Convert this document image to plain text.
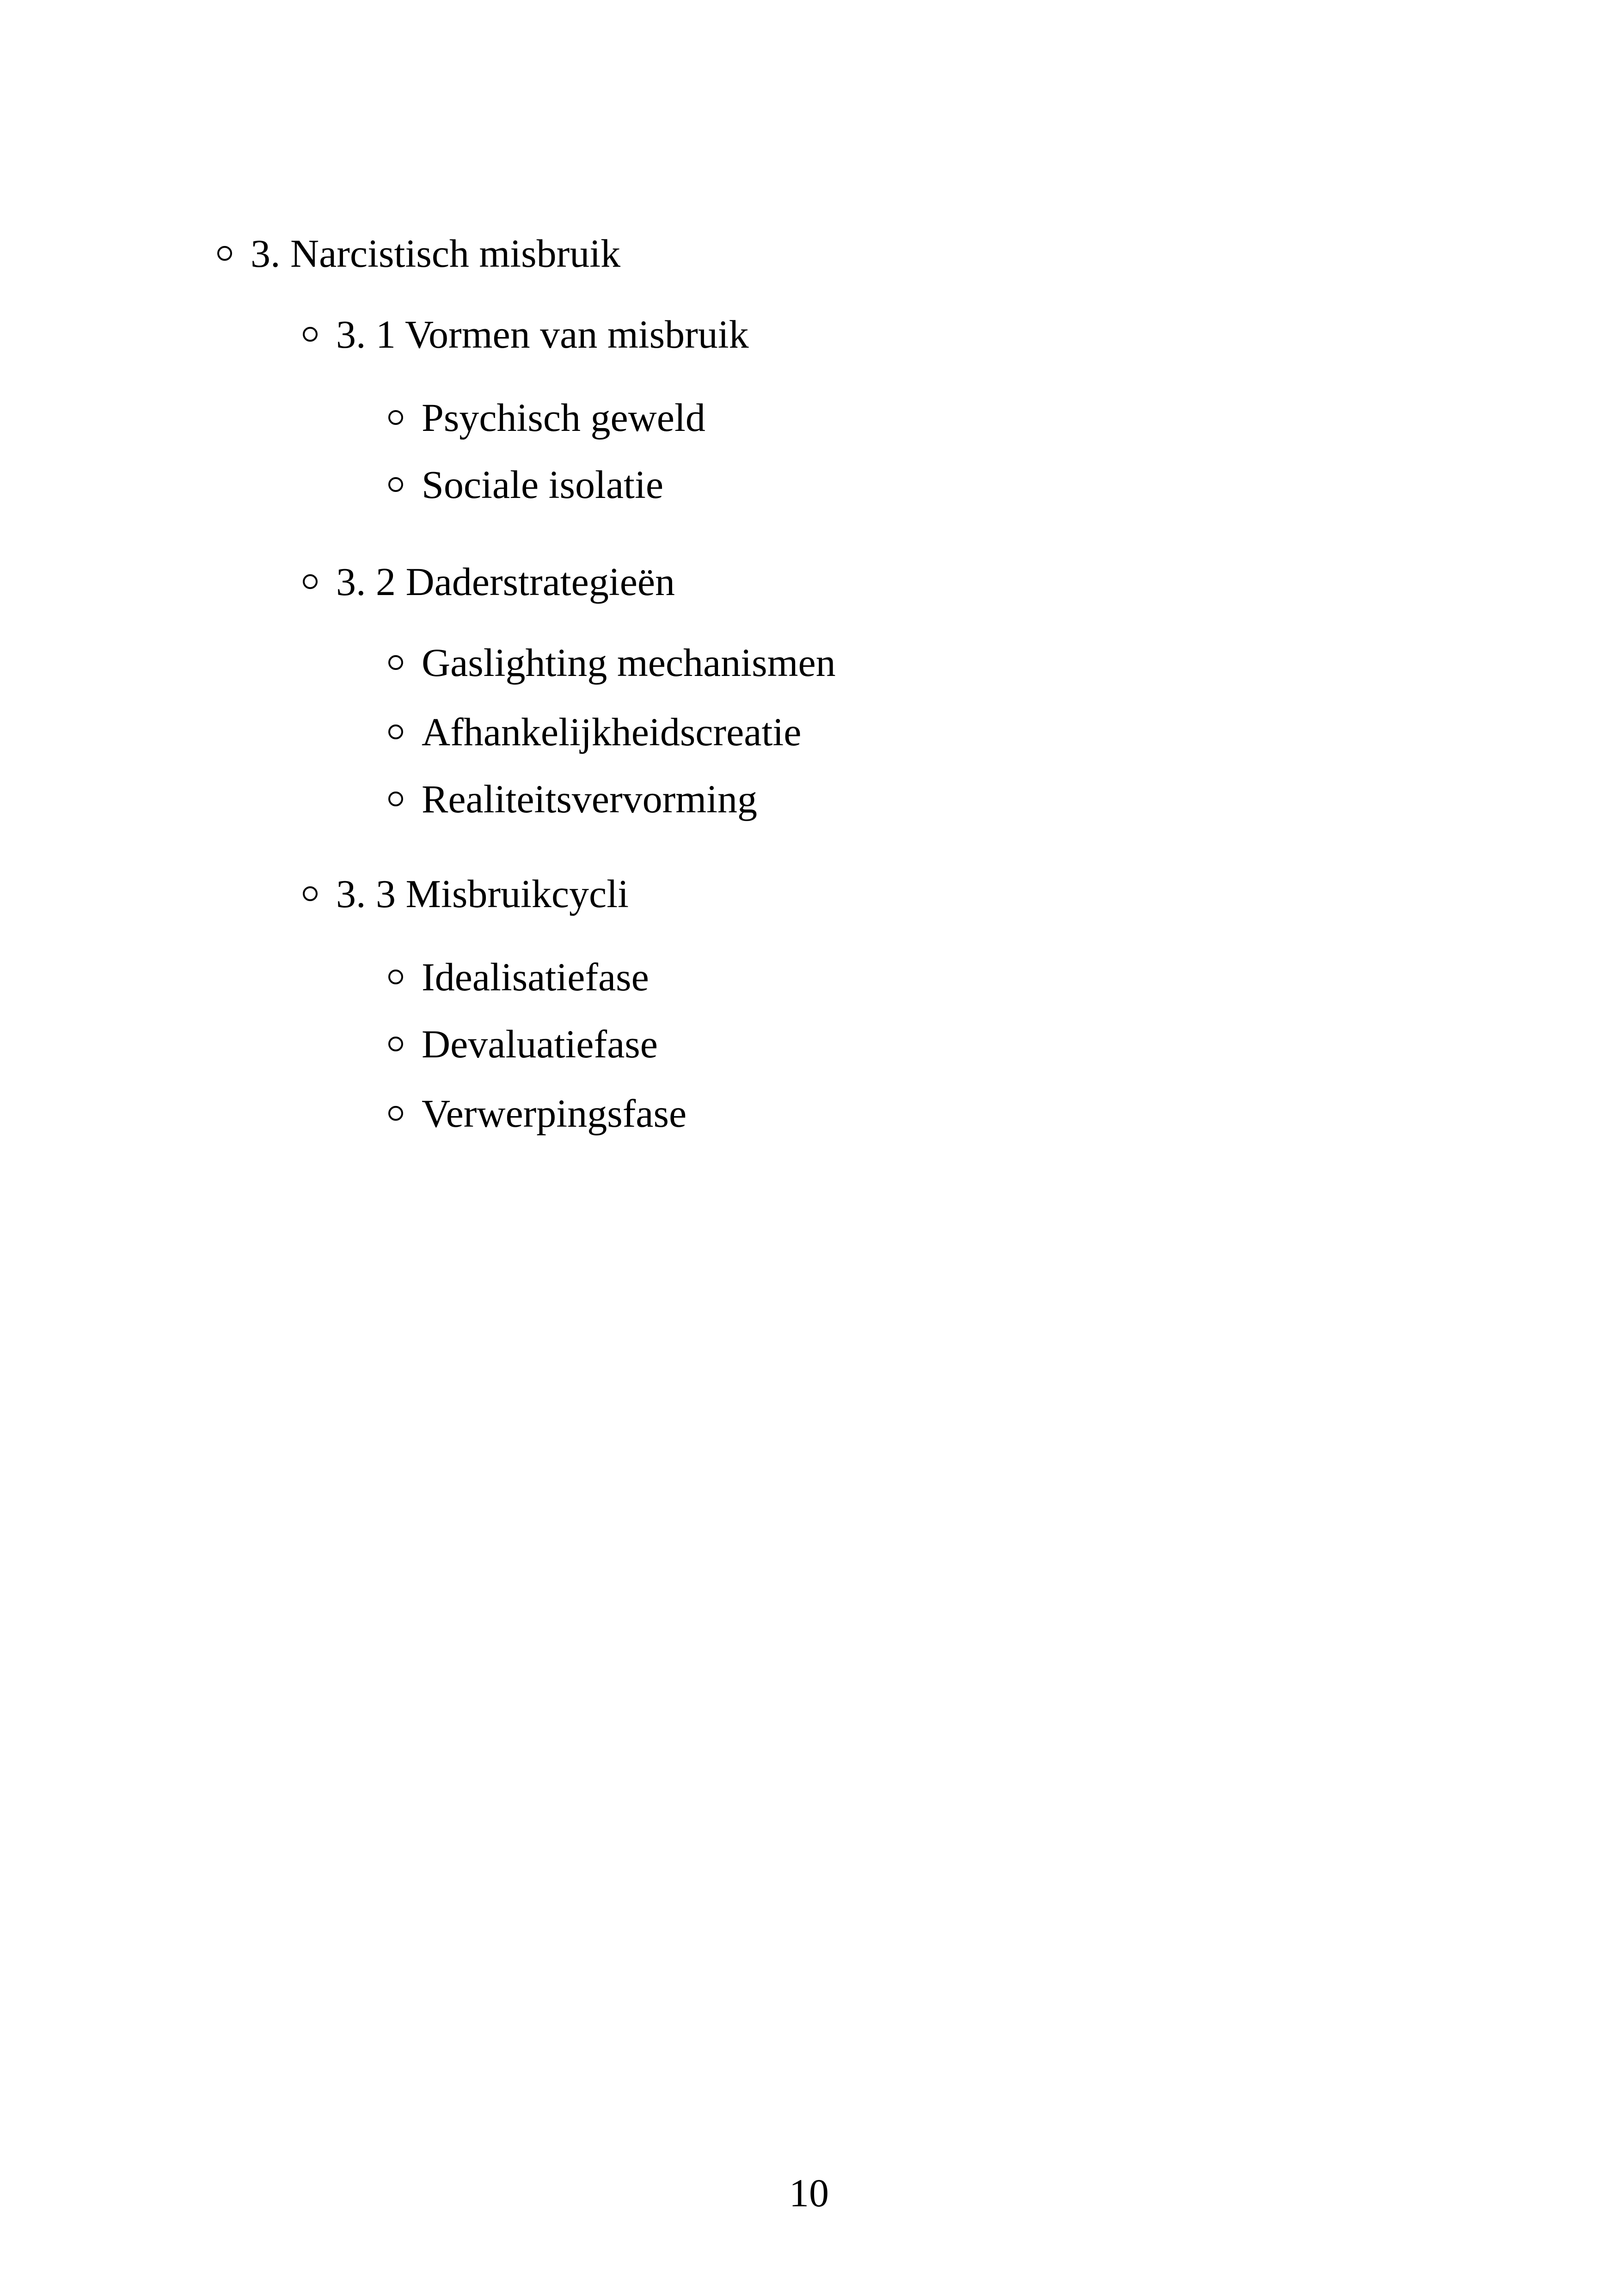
3. Narcistisch misbruik
3. 1 Vormen van misbruik
Psychisch geweld
Sociale isolatie
3. 2 Daderstrategieën
Gaslighting mechanismen
Afhankelijkheidscreatie
Realiteitsvervorming
3. 3 Misbruikcycli
Idealisatiefase
Devaluatiefase
Verwerpingsfase
10
